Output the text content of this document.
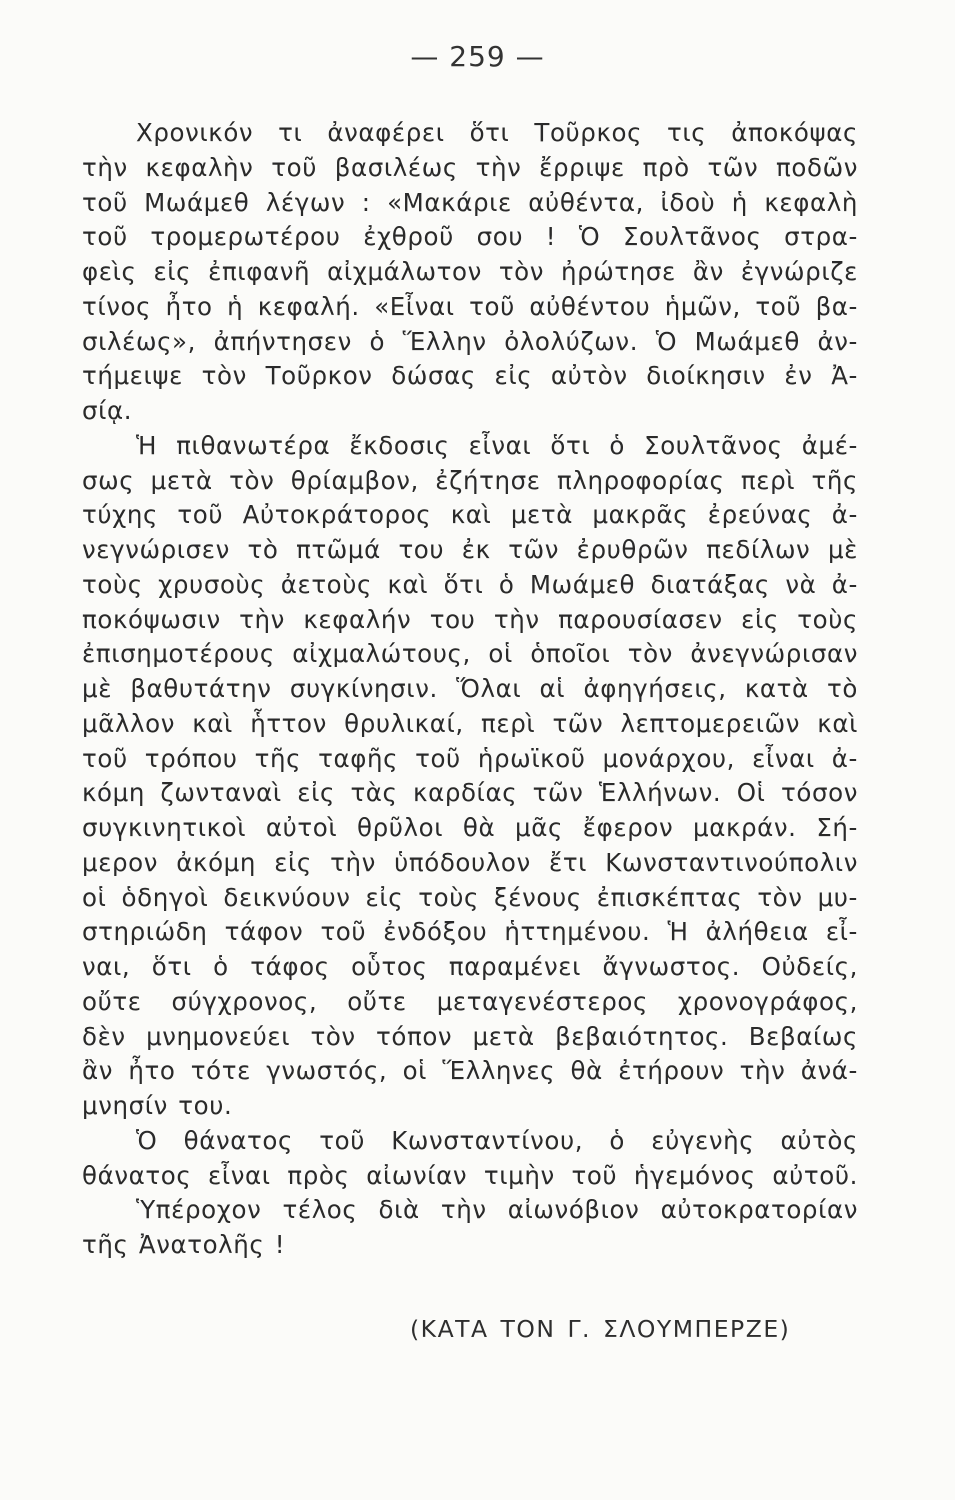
— 259 —
Χρονικόν τι ἀναφέρει ὅτι Τοῦρκος τις ἀποκόψας
τὴν κεφαλὴν τοῦ βασιλέως τὴν ἔρριψε πρὸ τῶν ποδῶν
τοῦ Μωάμεθ λέγων : «Μακάριε αὐθέντα, ἰδοὺ ἡ κεφαλὴ
τοῦ τρομερωτέρου ἐχθροῦ σου ! Ὁ Σουλτᾶνος στρα-
φεὶς εἰς ἐπιφανῆ αἰχμάλωτον τὸν ἠρώτησε ἂν ἐγνώριζε
τίνος ἦτο ἡ κεφαλή. «Εἶναι τοῦ αὐθέντου ἡμῶν, τοῦ βα-
σιλέως», ἀπήντησεν ὁ Ἕλλην ὀλολύζων. Ὁ Μωάμεθ ἀν-
τήμειψε τὸν Τοῦρκον δώσας εἰς αὐτὸν διοίκησιν ἐν Ἀ-
σίᾳ.
Ἡ πιθανωτέρα ἔκδοσις εἶναι ὅτι ὁ Σουλτᾶνος ἀμέ-
σως μετὰ τὸν θρίαμβον, ἐζήτησε πληροφορίας περὶ τῆς
τύχης τοῦ Αὐτοκράτορος καὶ μετὰ μακρᾶς ἐρεύνας ἀ-
νεγνώρισεν τὸ πτῶμά του ἐκ τῶν ἐρυθρῶν πεδίλων μὲ
τοὺς χρυσοὺς ἀετοὺς καὶ ὅτι ὁ Μωάμεθ διατάξας νὰ ἀ-
ποκόψωσιν τὴν κεφαλήν του τὴν παρουσίασεν εἰς τοὺς
ἐπισημοτέρους αἰχμαλώτους, οἱ ὁποῖοι τὸν ἀνεγνώρισαν
μὲ βαθυτάτην συγκίνησιν. Ὅλαι αἱ ἀφηγήσεις, κατὰ τὸ
μᾶλλον καὶ ἧττον θρυλικαί, περὶ τῶν λεπτομερειῶν καὶ
τοῦ τρόπου τῆς ταφῆς τοῦ ἡρωϊκοῦ μονάρχου, εἶναι ἀ-
κόμη ζωνταναὶ εἰς τὰς καρδίας τῶν Ἑλλήνων. Οἱ τόσον
συγκινητικοὶ αὐτοὶ θρῦλοι θὰ μᾶς ἔφερον μακράν. Σή-
μερον ἀκόμη εἰς τὴν ὑπόδουλον ἔτι Κωνσταντινούπολιν
οἱ ὁδηγοὶ δεικνύουν εἰς τοὺς ξένους ἐπισκέπτας τὸν μυ-
στηριώδη τάφον τοῦ ἐνδόξου ἡττημένου. Ἡ ἀλήθεια εἶ-
ναι, ὅτι ὁ τάφος οὗτος παραμένει ἄγνωστος. Οὐδείς,
οὔτε σύγχρονος, οὔτε μεταγενέστερος χρονογράφος,
δὲν μνημονεύει τὸν τόπον μετὰ βεβαιότητος. Βεβαίως
ἂν ἦτο τότε γνωστός, οἱ Ἕλληνες θὰ ἐτήρουν τὴν ἀνά-
μνησίν του.
Ὁ θάνατος τοῦ Κωνσταντίνου, ὁ εὐγενὴς αὐτὸς
θάνατος εἶναι πρὸς αἰωνίαν τιμὴν τοῦ ἡγεμόνος αὐτοῦ.
Ὑπέροχον τέλος διὰ τὴν αἰωνόβιον αὐτοκρατορίαν
τῆς Ἀνατολῆς !
(ΚΑΤΑ ΤΟΝ Γ. ΣΛΟΥΜΠΕΡΖΕ)
